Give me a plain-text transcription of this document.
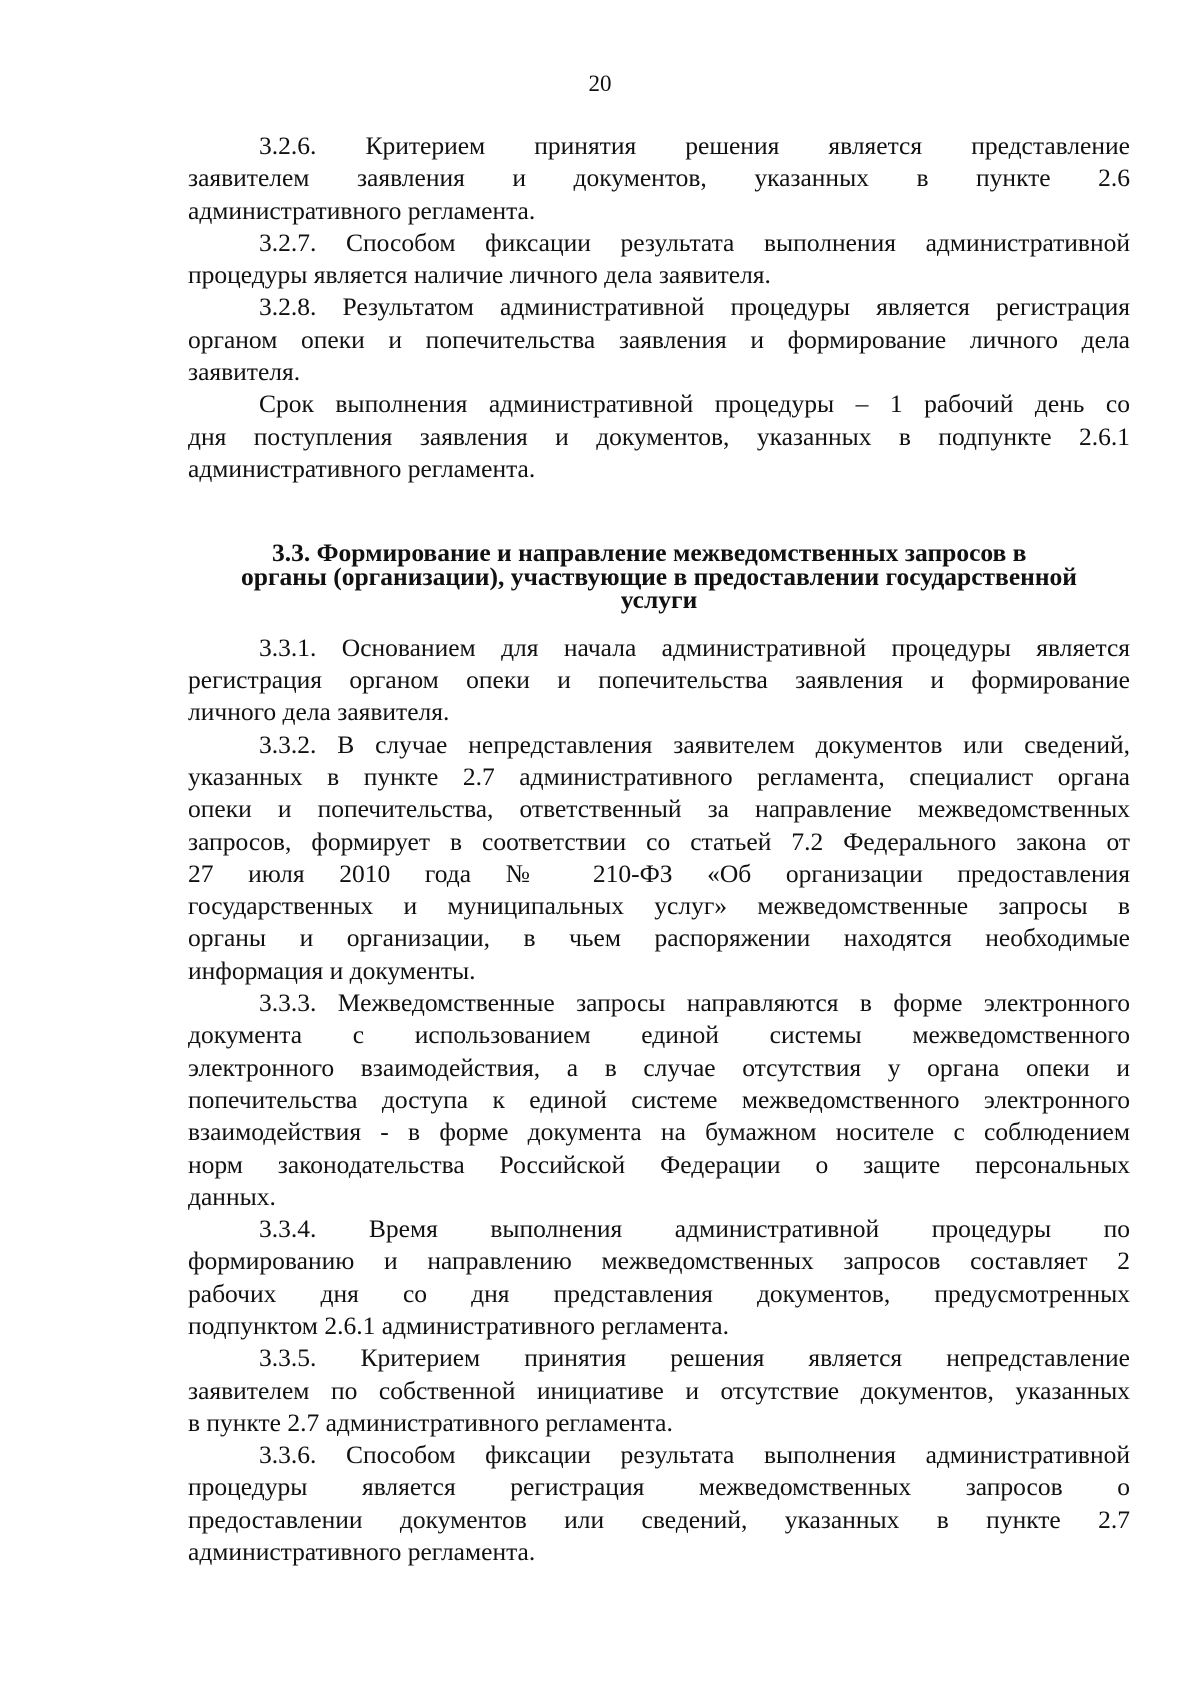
20

3.2.6. Критерием принятия решения является представление
заявителем заявления и документов, указанных в пункте 2.6
административного регламента.

3.2.7. Способом фиксации результата выполнения административной
процедуры является наличие личного дела заявителя.

3.2.8. Результатом административной процедуры является регистрация
органом опеки и попечительства заявления и формирование личного дела
заявителя.

Срок выполнения административной процедуры – 1 рабочий день со
дня поступления заявления и документов, указанных в подпункте 2.6.1
административного регламента.

3.3. Формирование и направление межведомственных запросов в
органы (организации), участвующие в предоставлении государственной
услуги

3.3.1. Основанием для начала административной процедуры является
регистрация органом опеки и попечительства заявления и формирование
личного дела заявителя.

3.3.2. В случае непредставления заявителем документов или сведений,
указанных в пункте 2.7 административного регламента, специалист органа
опеки и попечительства, ответственный за направление межведомственных
запросов, формирует в соответствии со статьей 7.2 Федерального закона от
27 июля 2010 года № 210-ФЗ «Об организации предоставления
государственных и муниципальных услуг» межведомственные запросы в
органы и организации, в чьем распоряжении находятся необходимые
информация и документы.

3.3.3. Межведомственные запросы направляются в форме электронного
документа с использованием единой системы межведомственного
электронного взаимодействия, а в случае отсутствия у органа опеки и
попечительства доступа к единой системе межведомственного электронного
взаимодействия - в форме документа на бумажном носителе с соблюдением
норм законодательства Российской Федерации о защите персональных
данных.

3.3.4. Время выполнения административной процедуры по
формированию и направлению межведомственных запросов составляет 2
рабочих дня со дня представления документов, предусмотренных
подпунктом 2.6.1 административного регламента.

3.3.5. Критерием принятия решения является непредставление
заявителем по собственной инициативе и отсутствие документов, указанных
в пункте 2.7 административного регламента.

3.3.6. Способом фиксации результата выполнения административной
процедуры является регистрация межведомственных запросов о
предоставлении документов или сведений, указанных в пункте 2.7
административного регламента.
